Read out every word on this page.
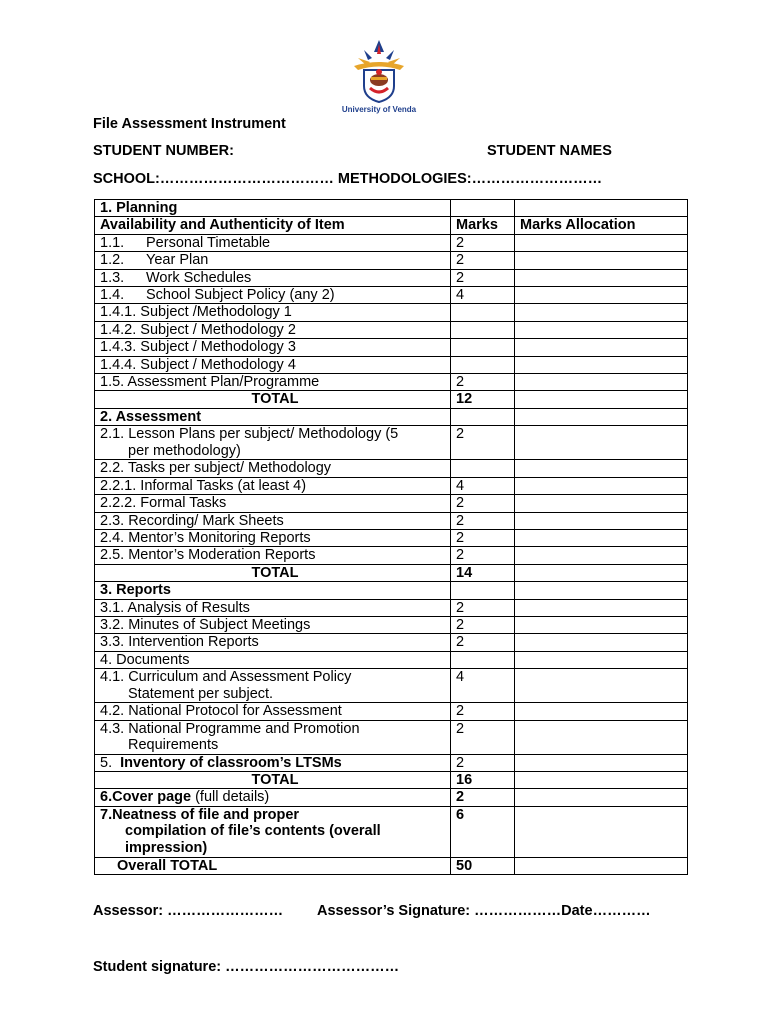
University of Venda
File Assessment Instrument
STUDENT NUMBER:	STUDENT NAMES
SCHOOL:……………………………… METHODOLOGIES:………………………
1. Planning		
Availability and Authenticity of Item	Marks	Marks Allocation
1.1. Personal Timetable	2	
1.2. Year Plan	2	
1.3. Work Schedules	2	
1.4. School Subject Policy (any 2)	4	
1.4.1. Subject /Methodology 1		
1.4.2. Subject / Methodology 2		
1.4.3. Subject / Methodology 3		
1.4.4. Subject / Methodology 4		
1.5. Assessment Plan/Programme	2	
TOTAL	12	
2. Assessment		

2.1. Lesson Plans per subject/ Methodology (5
per methodology)	2	
2.2. Tasks per subject/ Methodology		
2.2.1. Informal Tasks (at least 4)	4	
2.2.2. Formal Tasks	2	
2.3. Recording/ Mark Sheets	2	
2.4. Mentor’s Monitoring Reports	2	
2.5. Mentor’s Moderation Reports	2	
TOTAL	14	
3. Reports		
3.1. Analysis of Results	2	
3.2. Minutes of Subject Meetings	2	
3.3. Intervention Reports	2	
4. Documents		

4.1. Curriculum and Assessment Policy
Statement per subject.	4	
4.2. National Protocol for Assessment	2	

4.3. National Programme and Promotion
Requirements	2	
5. Inventory of classroom’s LTSMs	2	
TOTAL	16	
6.Cover page (full details)	2	

7.Neatness of file and proper
compilation of file’s contents (overall
impression)	6	
Overall TOTAL	50	
Assessor: …………………… Assessor’s Signature: ………………Date…………
Student signature: ………………………………
